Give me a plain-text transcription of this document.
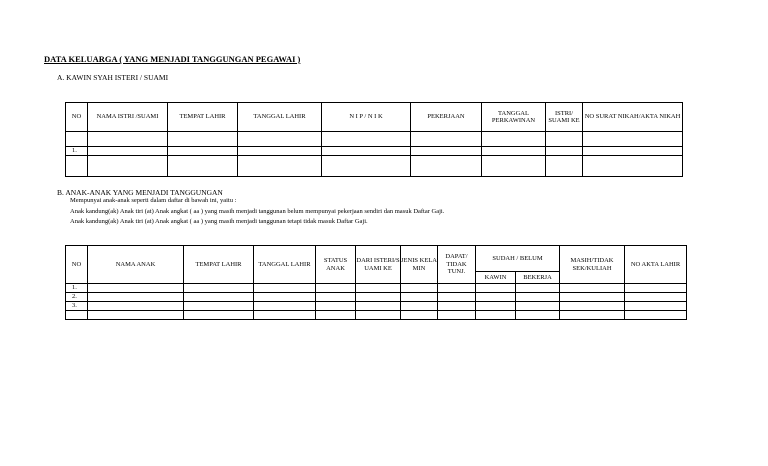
DATA KELUARGA ( YANG MENJADI TANGGUNGAN PEGAWAI )
A. KAWIN SYAH ISTERI / SUAMI
NO	NAMA ISTRI /SUAMI	TEMPAT LAHIR	TANGGAL LAHIR	N I P / N I K	PEKERJAAN	TANGGAL PERKAWINAN	ISTRI/ SUAMI KE	NO SURAT NIKAH/AKTA NIKAH

1.								

B. ANAK-ANAK YANG MENJADI TANGGUNGAN
Mempunyai anak-anak seperti dalam daftar di bawah ini, yaitu :
Anak kandung(ak) Anak tiri (at) Anak angkat ( aa ) yang masih menjadi tanggunan belum mempunyai pekerjaan sendiri dan masuk Daftar Gaji.
Anak kandung(ak) Anak tiri (at) Anak angkat ( aa ) yang masih menjadi tanggunan tetapi tidak masuk Daftar Gaji.
NO	NAMA ANAK	TEMPAT LAHIR	TANGGAL LAHIR	STATUS ANAK	DARI ISTERI/S UAMI KE	JENIS KELA MIN	DAPAT/ TIDAK TUNJ.	SUDAH / BELUM		MASIH/TIDAK SEK/KULIAH	NO AKTA LAHIR
								KAWIN	BEKERJA		
1.											
2.											
3.											
